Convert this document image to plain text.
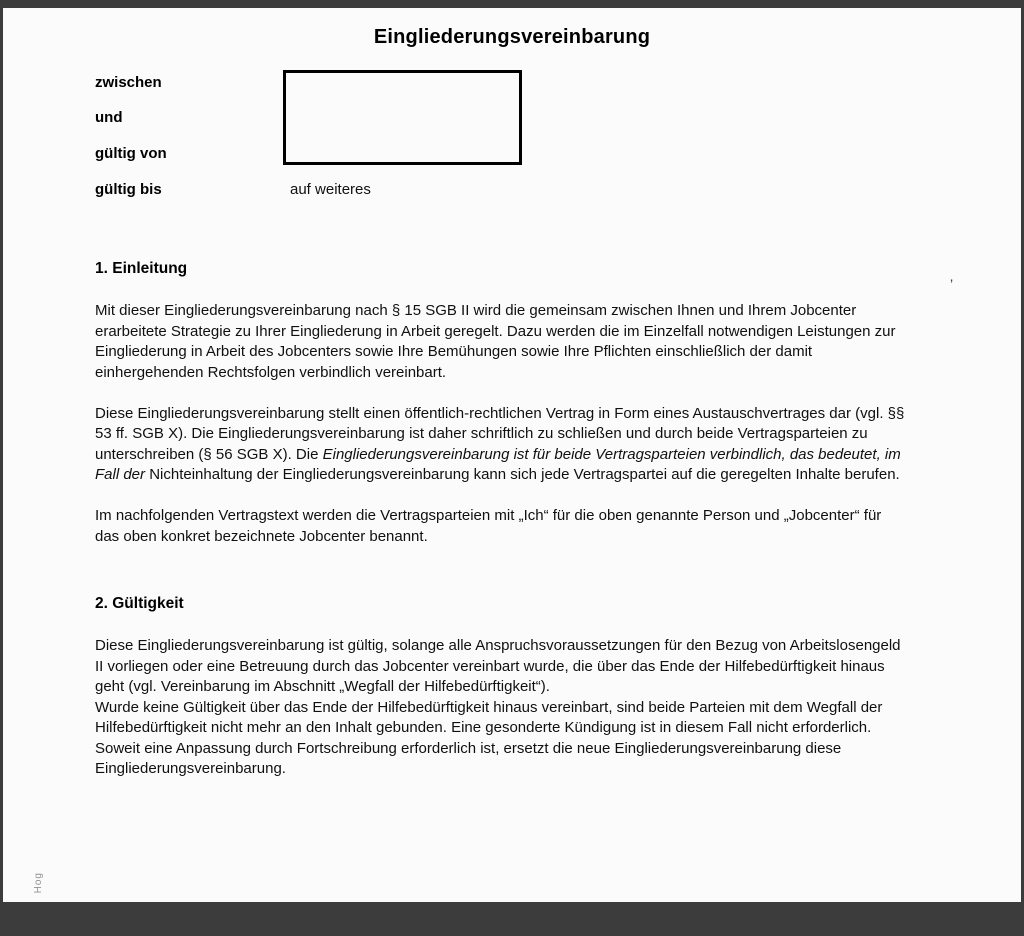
Eingliederungsvereinbarung
zwischen
und
gültig von
gültig bis	auf weiteres
1. Einleitung

Mit dieser Eingliederungsvereinbarung nach § 15 SGB II wird die gemeinsam zwischen Ihnen und Ihrem Jobcenter erarbeitete Strategie zu Ihrer Eingliederung in Arbeit geregelt. Dazu werden die im Einzelfall notwendigen Leistungen zur Eingliederung in Arbeit des Jobcenters sowie Ihre Bemühungen sowie Ihre Pflichten einschließlich der damit einhergehenden Rechtsfolgen verbindlich vereinbart.

Diese Eingliederungsvereinbarung stellt einen öffentlich-rechtlichen Vertrag in Form eines Austauschvertrages dar (vgl. §§ 53 ff. SGB X). Die Eingliederungsvereinbarung ist daher schriftlich zu schließen und durch beide Vertragsparteien zu unterschreiben (§ 56 SGB X). Die Eingliederungsvereinbarung ist für beide Vertragsparteien verbindlich, das bedeutet, im Fall der Nichteinhaltung der Eingliederungsvereinbarung kann sich jede Vertragspartei auf die geregelten Inhalte berufen.

Im nachfolgenden Vertragstext werden die Vertragsparteien mit „Ich“ für die oben genannte Person und „Jobcenter“ für das oben konkret bezeichnete Jobcenter benannt.

2. Gültigkeit

Diese Eingliederungsvereinbarung ist gültig, solange alle Anspruchsvoraussetzungen für den Bezug von Arbeitslosengeld II vorliegen oder eine Betreuung durch das Jobcenter vereinbart wurde, die über das Ende der Hilfebedürftigkeit hinaus geht (vgl. Vereinbarung im Abschnitt „Wegfall der Hilfebedürftigkeit“).

Wurde keine Gültigkeit über das Ende der Hilfebedürftigkeit hinaus vereinbart, sind beide Parteien mit dem Wegfall der Hilfebedürftigkeit nicht mehr an den Inhalt gebunden. Eine gesonderte Kündigung ist in diesem Fall nicht erforderlich.

Soweit eine Anpassung durch Fortschreibung erforderlich ist, ersetzt die neue Eingliederungsvereinbarung diese Eingliederungsvereinbarung.

Hog
’
